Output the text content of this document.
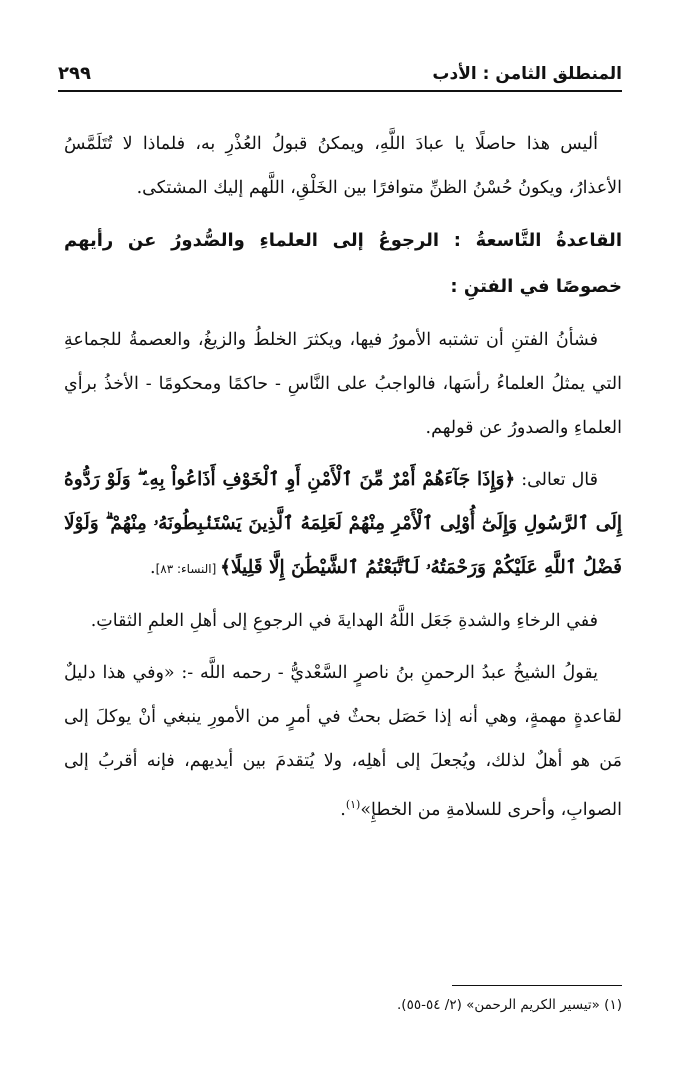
المنطلق الثامن : الأدب
٢٩٩

أليس هذا حاصلًا يا عبادَ اللَّهِ، ويمكنُ قبولُ العُذْرِ به، فلماذا لا تُتَلَمَّسُ الأعذارُ، ويكونُ حُسْنُ الظنِّ متوافرًا بين الخَلْقِ، اللَّهم إليك المشتكى.

القاعدةُ التَّاسعةُ : الرجوعُ إلى العلماءِ والصُّدورُ عن رأيهم خصوصًا في الفتنِ :

فشأنُ الفتنِ أن تشتبه الأمورُ فيها، ويكثرَ الخلطُ والزيغُ، والعصمةُ للجماعةِ التي يمثلُ العلماءُ رأسَها، فالواجبُ على النَّاسِ - حاكمًا ومحكومًا - الأخذُ برأي العلماءِ والصدورُ عن قولهم.

قال تعالى: ﴿وَإِذَا جَآءَهُمْ أَمْرٌ مِّنَ ٱلْأَمْنِ أَوِ ٱلْخَوْفِ أَذَاعُواْ بِهِۦ ۖ وَلَوْ رَدُّوهُ إِلَى ٱلرَّسُولِ وَإِلَىٰٓ أُوْلِى ٱلْأَمْرِ مِنْهُمْ لَعَلِمَهُ ٱلَّذِينَ يَسْتَنۢبِطُونَهُۥ مِنْهُمْ ۗ وَلَوْلَا فَضْلُ ٱللَّهِ عَلَيْكُمْ وَرَحْمَتُهُۥ لَٱتَّبَعْتُمُ ٱلشَّيْطَٰنَ إِلَّا قَلِيلًا﴾ [النساء: ٨٣].

ففي الرخاءِ والشدةِ جَعَل اللَّهُ الهدايةَ في الرجوعِ إلى أهلِ العلمِ الثقاتِ.

يقولُ الشيخُ عبدُ الرحمنِ بنُ ناصرٍ السَّعْديُّ - رحمه اللَّه -: «وفي هذا دليلٌ لقاعدةٍ مهمةٍ، وهي أنه إذا حَصَل بحثٌ في أمرٍ من الأمورِ ينبغي أنْ يوكلَ إلى مَن هو أهلٌ لذلك، ويُجعلَ إلى أهلِه، ولا يُتقدمَ بين أيديهم، فإنه أقربُ إلى الصوابِ، وأحرى للسلامةِ من الخطإِ»$^{(١)}$.

(١) «تيسير الكريم الرحمن» (٢/ ٥٤-٥٥).
